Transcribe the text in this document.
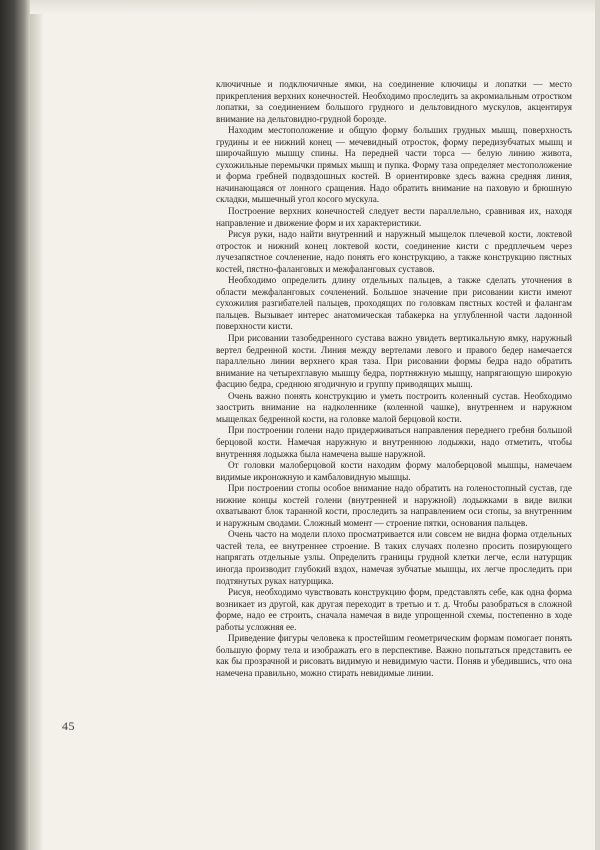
ключичные и подключичные ямки, на соединение ключицы и лопатки — место прикрепления верхних конечностей. Необходимо проследить за акромиальным отростком лопатки, за соединением большого грудного и дельтовидного мускулов, акцентируя внимание на дельтовидно-грудной борозде.

Находим местоположение и общую форму больших грудных мышц, поверхность грудины и ее нижний конец — мечевидный отросток, форму передизубчатых мышц и широчайшую мышцу спины. На передней части торса — белую линию живота, сухожильные перемычки прямых мышц и пупка. Форму таза определяет местоположение и форма гребней подвздошных костей. В ориентировке здесь важна средняя линия, начинающаяся от лонного сращения. Надо обратить внимание на паховую и брюшную складки, мышечный угол косого мускула.

Построение верхних конечностей следует вести параллельно, сравнивая их, находя направление и движение форм и их характеристики.

Рисуя руки, надо найти внутренний и наружный мыщелок плечевой кости, локтевой отросток и нижний конец локтевой кости, соединение кисти с предплечьем через лучезапястное сочленение, надо понять его конструкцию, а также конструкцию пястных костей, пястно-фаланговых и межфаланговых суставов.

Необходимо определить длину отдельных пальцев, а также сделать уточнения в области межфаланговых сочленений. Большое значение при рисовании кисти имеют сухожилия разгибателей пальцев, проходящих по головкам пястных костей и фалангам пальцев. Вызывает интерес анатомическая табакерка на углубленной части ладонной поверхности кисти.

При рисовании тазобедренного сустава важно увидеть вертикальную ямку, наружный вертел бедренной кости. Линия между вертелами левого и правого бедер намечается параллельно линии верхнего края таза. При рисовании формы бедра надо обратить внимание на четырехглавую мышцу бедра, портняжную мышцу, напрягающую широкую фасцию бедра, среднюю ягодичную и группу приводящих мышц.

Очень важно понять конструкцию и уметь построить коленный сустав. Необходимо заострить внимание на надколеннике (коленной чашке), внутреннем и наружном мыщелках бедренной кости, на головке малой берцовой кости.

При построении голени надо придерживаться направления переднего гребня большой берцовой кости. Намечая наружную и внутреннюю лодыжки, надо отметить, чтобы внутренняя лодыжка была намечена выше наружной.

От головки малоберцовой кости находим форму малоберцовой мышцы, намечаем видимые икроножную и камбаловидную мышцы.

При построении стопы особое внимание надо обратить на голеностопный сустав, где нижние концы костей голени (внутренней и наружной) лодыжками в виде вилки охватывают блок таранной кости, проследить за направлением оси стопы, за внутренним и наружным сводами. Сложный момент — строение пятки, основания пальцев.

Очень часто на модели плохо просматривается или совсем не видна форма отдельных частей тела, ее внутреннее строение. В таких случаях полезно просить позирующего напрягать отдельные узлы. Определить границы грудной клетки легче, если натурщик иногда производит глубокий вздох, намечая зубчатые мышцы, их легче проследить при подтянутых руках натурщика.

Рисуя, необходимо чувствовать конструкцию форм, представлять себе, как одна форма возникает из другой, как другая переходит в третью и т. д. Чтобы разобраться в сложной форме, надо ее строить, сначала намечая в виде упрощенной схемы, постепенно в ходе работы усложняя ее.

Приведение фигуры человека к простейшим геометрическим формам помогает понять большую форму тела и изображать его в перспективе. Важно попытаться представить ее как бы прозрачной и рисовать видимую и невидимую части. Поняв и убедившись, что она намечена правильно, можно стирать невидимые линии.

45
